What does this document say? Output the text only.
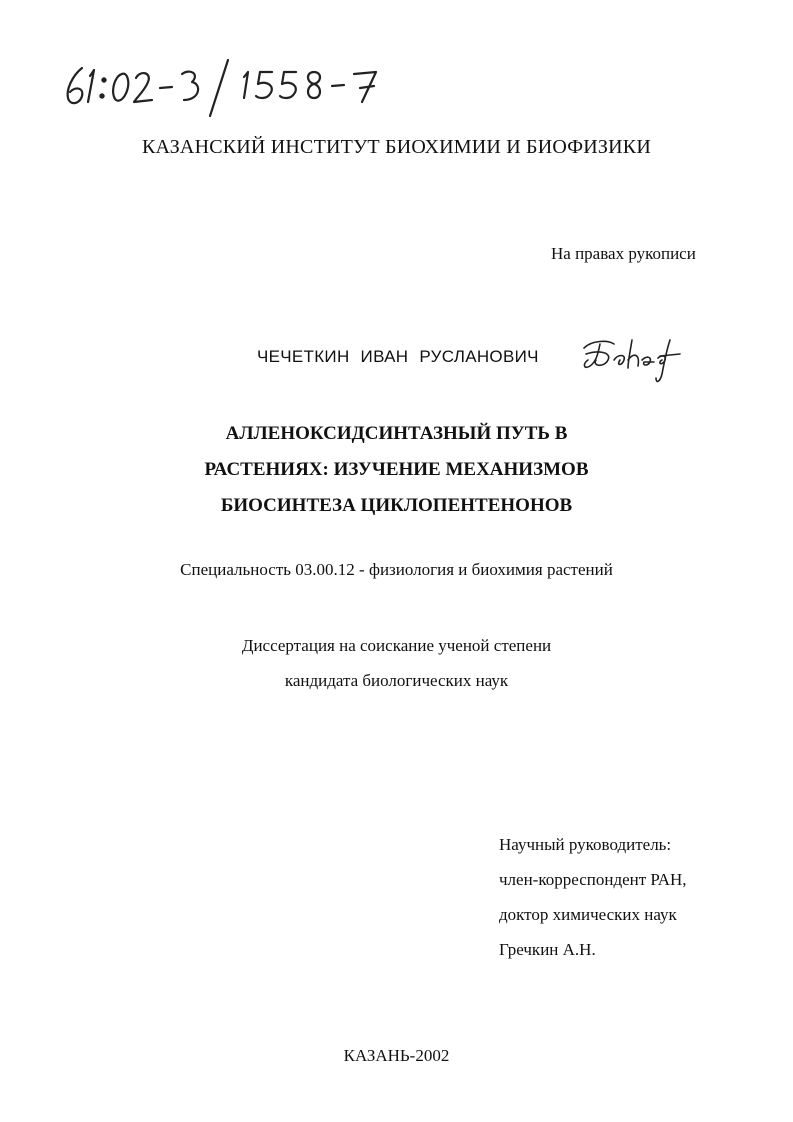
КАЗАНСКИЙ ИНСТИТУТ БИОХИМИИ И БИОФИЗИКИ
На правах рукописи
ЧЕЧЕТКИН ИВАН РУСЛАНОВИЧ
АЛЛЕНОКСИДСИНТАЗНЫЙ ПУТЬ В
РАСТЕНИЯХ: ИЗУЧЕНИЕ МЕХАНИЗМОВ
БИОСИНТЕЗА ЦИКЛОПЕНТЕНОНОВ
Специальность 03.00.12 - физиология и биохимия растений
Диссертация на соискание ученой степени
кандидата биологических наук
Научный руководитель:
член-корреспондент РАН,
доктор химических наук
Гречкин А.Н.
КАЗАНЬ-2002
